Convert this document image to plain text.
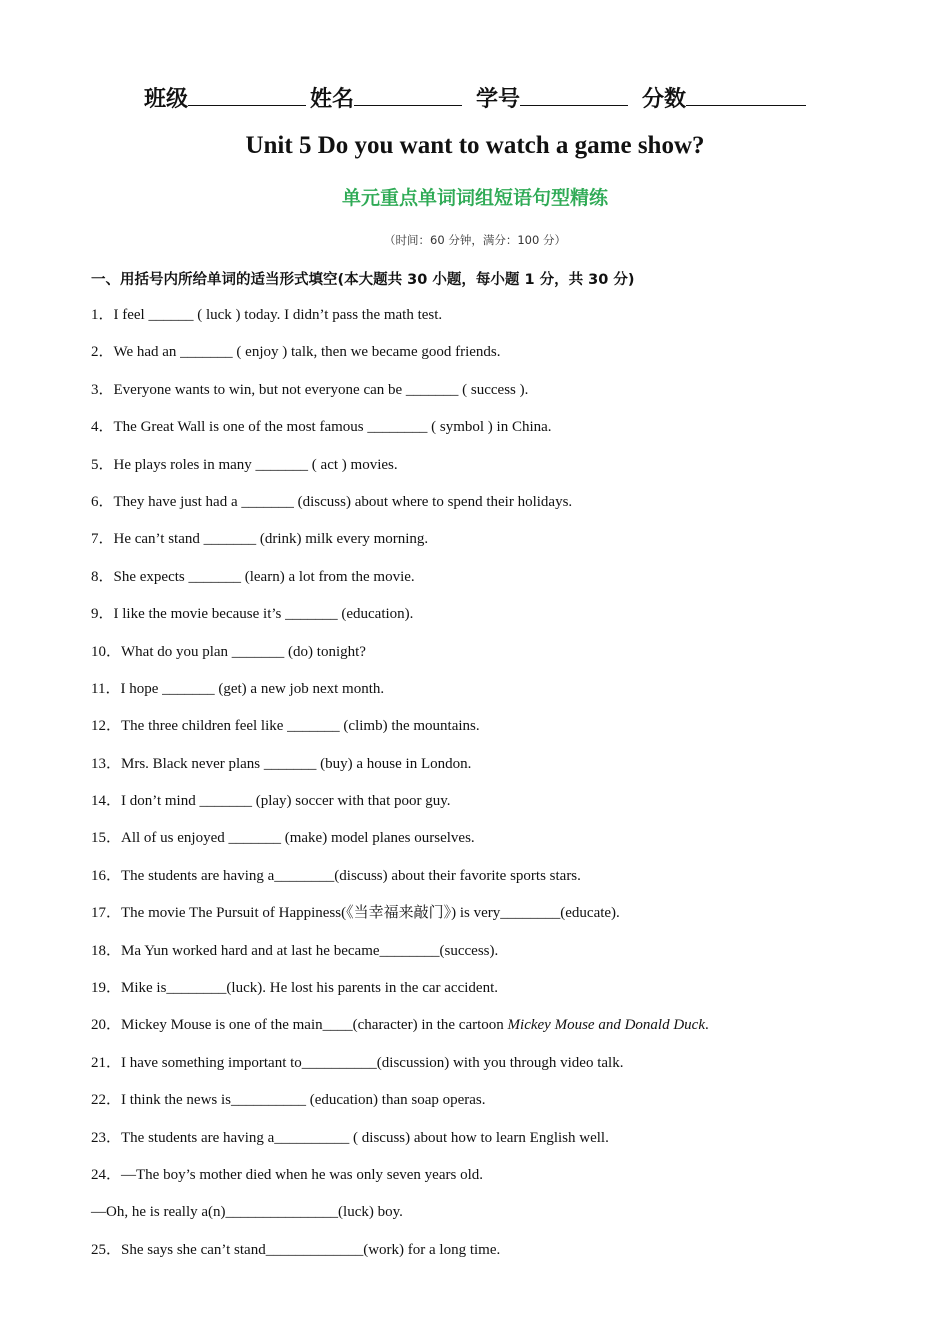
班级	姓名	学号	分数
Unit 5 Do you want to watch a game show?
单元重点单词词组短语句型精练
（时间：60 分钟，满分：100 分）
一、用括号内所给单词的适当形式填空(本大题共 30 小题，每小题 1 分，共 30 分)
1．I feel ______ ( luck ) today. I didn’t pass the math test.
2．We had an _______ ( enjoy ) talk, then we became good friends.
3．Everyone wants to win, but not everyone can be _______ ( success ).
4．The Great Wall is one of the most famous ________ ( symbol ) in China.
5．He plays roles in many _______ ( act ) movies.
6．They have just had a _______ (discuss) about where to spend their holidays.
7．He can’t stand _______ (drink) milk every morning.
8．She expects _______ (learn) a lot from the movie.
9．I like the movie because it’s _______ (education).
10．What do you plan _______ (do) tonight?
11．I hope _______ (get) a new job next month.
12．The three children feel like _______ (climb) the mountains.
13．Mrs. Black never plans _______ (buy) a house in London.
14．I don’t mind _______ (play) soccer with that poor guy.
15．All of us enjoyed _______ (make) model planes ourselves.
16．The students are having a________(discuss) about their favorite sports stars.
17．The movie The Pursuit of Happiness(《当幸福来敲门》) is very________(educate).
18．Ma Yun worked hard and at last he became________(success).
19．Mike is________(luck). He lost his parents in the car accident.
20．Mickey Mouse is one of the main____(character) in the cartoon Mickey Mouse and Donald Duck.
21．I have something important to__________(discussion) with you through video talk.
22．I think the news is__________ (education) than soap operas.
23．The students are having a__________ ( discuss) about how to learn English well.
24．—The boy’s mother died when he was only seven years old.
—Oh, he is really a(n)_______________(luck) boy.
25．She says she can’t stand_____________(work) for a long time.
